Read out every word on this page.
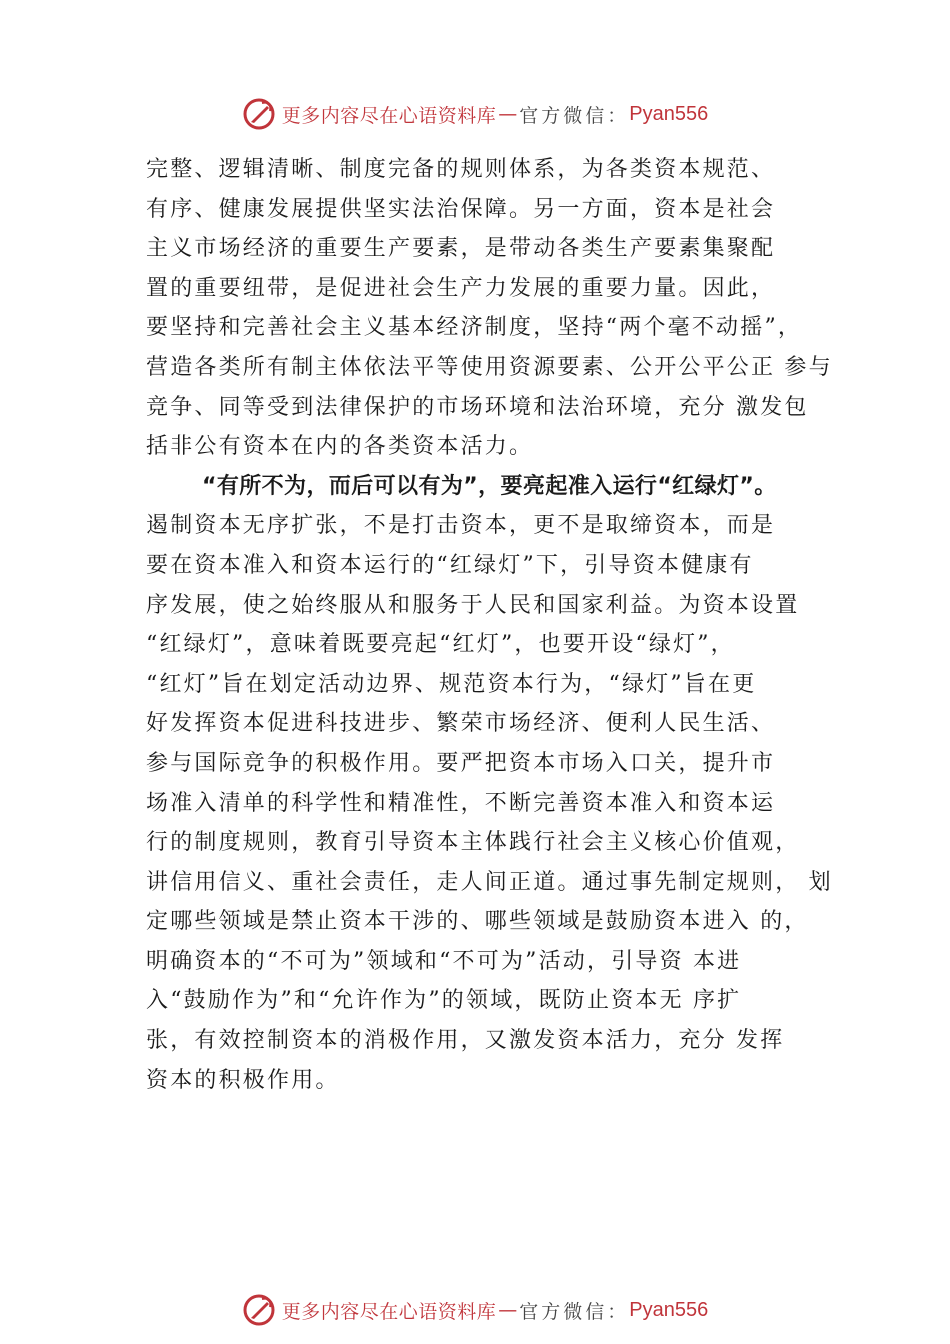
更多内容尽在心语资料库 — 官方微信： Pyan556
完整、逻辑清晰、制度完备的规则体系，为各类资本规范、
有序、健康发展提供坚实法治保障。另一方面，资本是社会
主义市场经济的重要生产要素，是带动各类生产要素集聚配
置的重要纽带，是促进社会生产力发展的重要力量。因此，
要坚持和完善社会主义基本经济制度，坚持“两个毫不动摇”，
营造各类所有制主体依法平等使用资源要素、公开公平公正 参与
竞争、同等受到法律保护的市场环境和法治环境，充分 激发包
括非公有资本在内的各类资本活力。
“有所不为，而后可以有为”，要亮起准入运行“红绿灯”。
遏制资本无序扩张，不是打击资本，更不是取缔资本，而是
要在资本准入和资本运行的“红绿灯”下，引导资本健康有
序发展，使之始终服从和服务于人民和国家利益。为资本设置
“红绿灯”，意味着既要亮起“红灯”，也要开设“绿灯”，
“红灯”旨在划定活动边界、规范资本行为，“绿灯”旨在更
好发挥资本促进科技进步、繁荣市场经济、便利人民生活、
参与国际竞争的积极作用。要严把资本市场入口关，提升市
场准入清单的科学性和精准性，不断完善资本准入和资本运
行的制度规则，教育引导资本主体践行社会主义核心价值观，
讲信用信义、重社会责任，走人间正道。通过事先制定规则， 划
定哪些领域是禁止资本干涉的、哪些领域是鼓励资本进入 的，
明确资本的“不可为”领域和“不可为”活动，引导资 本进
入“鼓励作为”和“允许作为”的领域，既防止资本无 序扩
张，有效控制资本的消极作用，又激发资本活力，充分 发挥
资本的积极作用。
更多内容尽在心语资料库 — 官方微信： Pyan556
